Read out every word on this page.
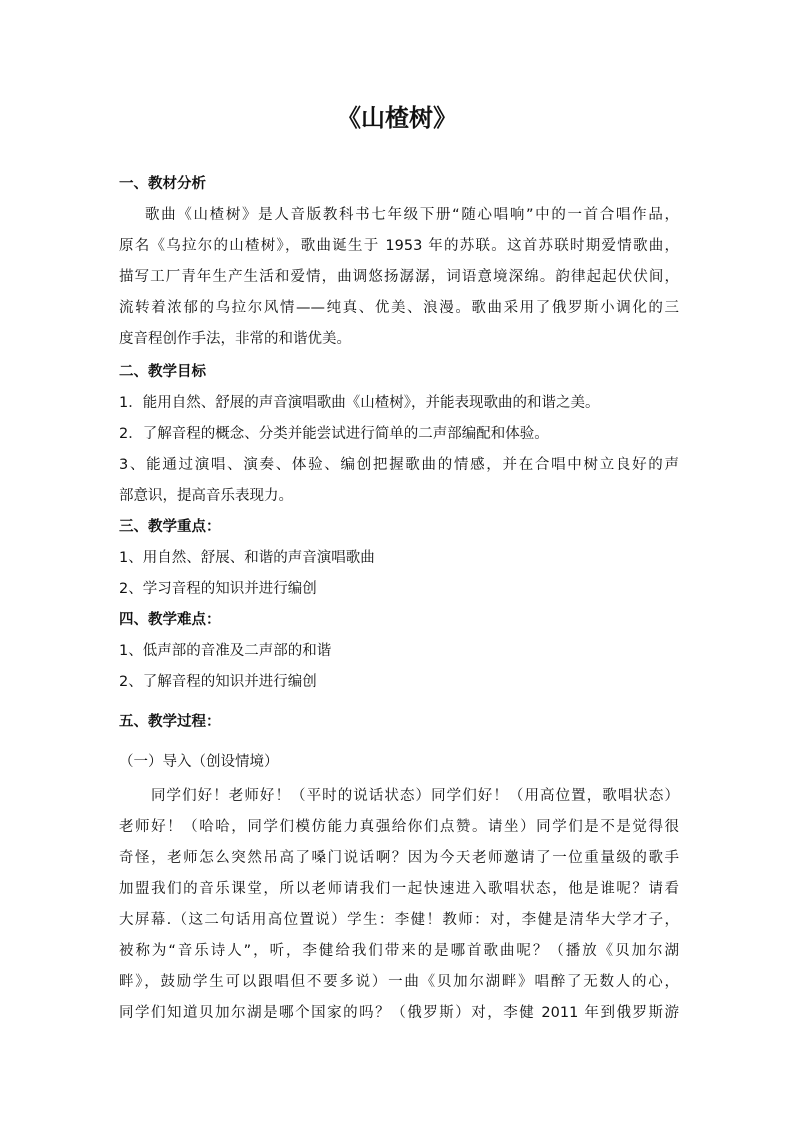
《山楂树》

一、教材分析

歌曲《山楂树》是人音版教科书七年级下册“随心唱响”中的一首合唱作品，

原名《乌拉尔的山楂树》，歌曲诞生于 1953 年的苏联。这首苏联时期爱情歌曲，

描写工厂青年生产生活和爱情，曲调悠扬潺潺，词语意境深绵。韵律起起伏伏间，

流转着浓郁的乌拉尔风情——纯真、优美、浪漫。歌曲采用了俄罗斯小调化的三

度音程创作手法，非常的和谐优美。

二、教学目标

1．能用自然、舒展的声音演唱歌曲《山楂树》，并能表现歌曲的和谐之美。

2．了解音程的概念、分类并能尝试进行简单的二声部编配和体验。

3、能通过演唱、演奏、体验、编创把握歌曲的情感，并在合唱中树立良好的声

部意识，提高音乐表现力。

三、教学重点：

1、用自然、舒展、和谐的声音演唱歌曲

2、学习音程的知识并进行编创

四、教学难点：

1、低声部的音准及二声部的和谐

2、了解音程的知识并进行编创

五、教学过程：

（一）导入（创设情境）

同学们好！老师好！（平时的说话状态）同学们好！（用高位置，歌唱状态）

老师好！（哈哈，同学们模仿能力真强给你们点赞。请坐）同学们是不是觉得很

奇怪，老师怎么突然吊高了嗓门说话啊？因为今天老师邀请了一位重量级的歌手

加盟我们的音乐课堂，所以老师请我们一起快速进入歌唱状态，他是谁呢？请看

大屏幕.（这二句话用高位置说）学生：李健！教师：对，李健是清华大学才子，

被称为“音乐诗人”，听，李健给我们带来的是哪首歌曲呢？（播放《贝加尔湖

畔》，鼓励学生可以跟唱但不要多说）一曲《贝加尔湖畔》唱醉了无数人的心，

同学们知道贝加尔湖是哪个国家的吗？（俄罗斯）对，李健 2011 年到俄罗斯游
